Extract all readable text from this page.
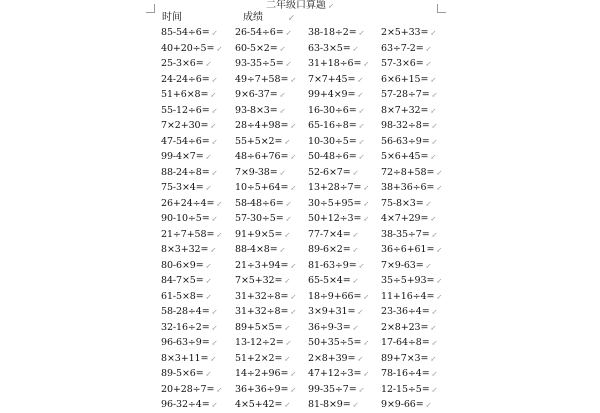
二年级口算题 ↙
时间	成绩	↙
85-54÷6= ↙	26-54÷6= ↙	38-18÷2= ↙	2×5+33= ↙
40+20÷5= ↙	60-5×2= ↙	63-3×5= ↙	63÷7-2= ↙
25-3×6= ↙	93-35÷5= ↙	31+18÷6= ↙	57-3×6= ↙
24-24÷6= ↙	49÷7+58= ↙	7×7+45= ↙	6×6+15= ↙
51+6×8= ↙	9×6-37= ↙	99+4×9= ↙	57-28÷7= ↙
55-12÷6= ↙	93-8×3= ↙	16-30÷6= ↙	8×7+32= ↙
7×2+30= ↙	28÷4+98= ↙	65-16÷8= ↙	98-32÷8= ↙
47-54÷6= ↙	55+5×2= ↙	10-30÷5= ↙	56-63÷9= ↙
99-4×7= ↙	48÷6+76= ↙	50-48÷6= ↙	5×6+45= ↙
88-24÷8= ↙	7×9-38= ↙	52-6×7= ↙	72÷8+58= ↙
75-3×4= ↙	10÷5+64= ↙	13+28÷7= ↙	38+36÷6= ↙
26+24÷4= ↙	58-48÷6= ↙	30÷5+95= ↙	75-8×3= ↙
90-10÷5= ↙	57-30÷5= ↙	50+12÷3= ↙	4×7+29= ↙
21÷7+58= ↙	91+9×5= ↙	77-7×4= ↙	38-35÷7= ↙
8×3+32= ↙	88-4×8= ↙	89-6×2= ↙	36÷6+61= ↙
80-6×9= ↙	21÷3+94= ↙	81-63÷9= ↙	7×9-63= ↙
84-7×5= ↙	7×5+32= ↙	65-5×4= ↙	35÷5+93= ↙
61-5×8= ↙	31+32÷8= ↙	18÷9+66= ↙	11+16÷4= ↙
58-28÷4= ↙	31+32÷8= ↙	3×9+31= ↙	23-36÷4= ↙
32-16÷2= ↙	89+5×5= ↙	36÷9-3= ↙	2×8+23= ↙
96-63÷9= ↙	13-12÷2= ↙	50+35÷5= ↙	17-64÷8= ↙
8×3+11= ↙	51+2×2= ↙	2×8+39= ↙	89+7×3= ↙
89-5×6= ↙	14÷2+96= ↙	47+12÷3= ↙	78-16÷4= ↙
20+28÷7= ↙	36+36÷9= ↙	99-35÷7= ↙	12-15÷5= ↙
96-32÷4= ↙	4×5+42= ↙	81-8×9= ↙	9×9-66= ↙
